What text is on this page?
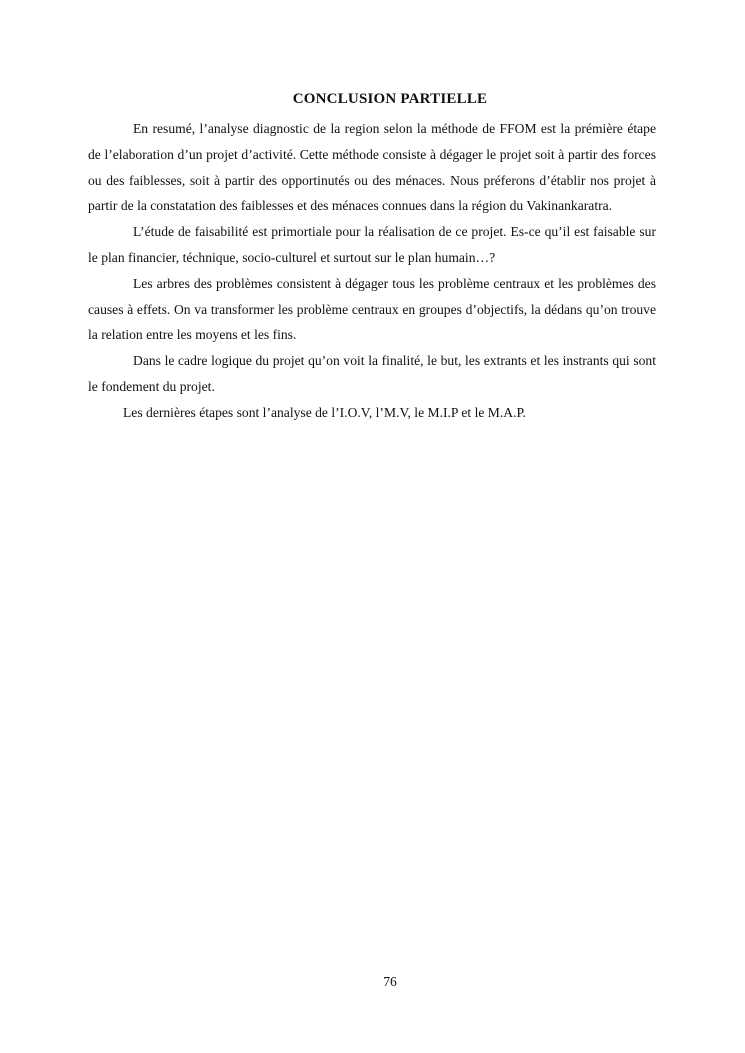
CONCLUSION PARTIELLE

En resumé, l’analyse diagnostic de la region selon la méthode de FFOM est la prémière étape de l’elaboration d’un projet d’activité. Cette méthode consiste à dégager le projet soit à partir des forces ou des faiblesses, soit à partir des opportinutés ou des ménaces. Nous préferons d’établir nos projet à partir de la constatation des faiblesses et des ménaces connues dans la région du Vakinankaratra.

L’étude de faisabilité est primortiale pour la réalisation de ce projet. Es-ce qu’il est faisable sur le plan financier, téchnique, socio-culturel et surtout sur le plan humain…?

Les arbres des problèmes consistent à dégager tous les problème centraux et les problèmes des causes à effets. On va transformer les problème centraux en groupes d’objectifs, la dédans qu’on trouve la relation entre les moyens et les fins.

Dans le cadre logique du projet qu’on voit la finalité, le but, les extrants et les instrants qui sont le fondement du projet.

Les dernières étapes sont l’analyse de l’I.O.V, l’M.V, le M.I.P et le M.A.P.

76
